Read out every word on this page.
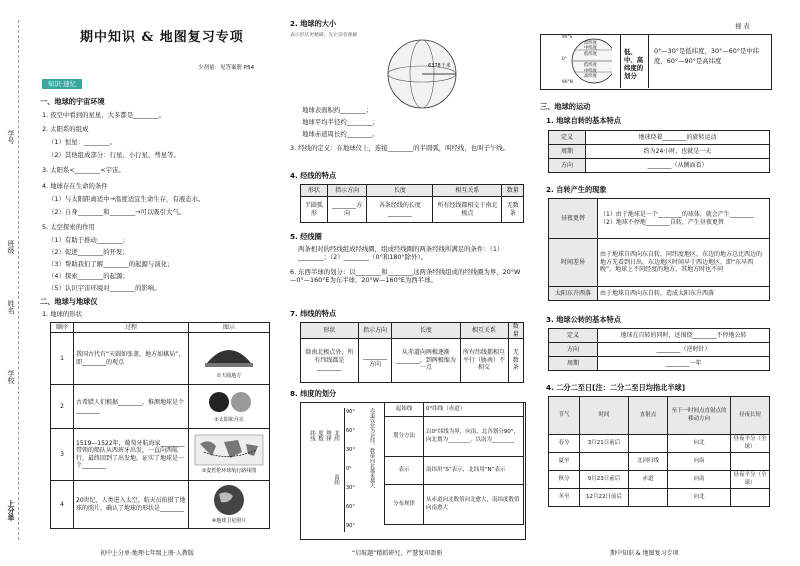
学号
班级
姓名
学校
上分单
期中知识 & 地图复习专项
少剂量：见答案册 P54
知识·速忆
一、地球的宇宙环境
1. 夜空中看到的星星，大多都是________。
2. 太阳系的组成
（1）恒星：________。
（2）其他组成部分：行星、小行星、彗星等。
3. 太阳系<________<宇宙。
4. 地球存在生命的条件
（1）与太阳距离适中→温度适宜生命生存，有液态水。
（2）自身________和________→可以吸引大气。
5. 太空探索的作用
（1）有助于推动________；
（2）促进________的开发；
（3）帮助我们了解________的起源与演化；
（4）探索________的起源；
（5）认识宇宙环境对________的影响。
二、地球与地球仪
1. 地球的形状
顺序	过程	图示
1	我国古代有“天圆如张盖，地方如棋局”，即________的观点	①天圆地方

2	古希腊人们根据________，推测地球是个________	②太阳和月亮

3	1519—1522年，葡萄牙航海家________带领的船队从西班牙出发，一直向西航行，最终回到了出发地，证实了地球是一个________	③麦哲伦环球航行路线图

4	20世纪，人类进入太空，航天员拍摄了地球的照片，确认了地球的形状是________	④地球卫星照片
初中上分单·地理七年级上册·人教版
2. 地球的大小
表示形状更精确，先让读者理解
6378千米
地球表面积约________；
地球平均半径约________；
地球赤道周长约________。
3. 经线的定义：在地球仪上，连接________的半圆弧，叫经线，也叫子午线。
4. 经线的特点
形状	指示方向	长度	相互关系	数量
半圆弧形	________方向	各条经线的长度________	所有经线都相交于南北极点	无数条
5. 经线圈
两条相对的经线组成经线圈，组成经线圈的两条经线所满足的条件：（1）________；（2）________（0°和180°除外）。
6. 东西半球的划分：以________和________这两条经线组成的经线圈为界，20°W—0°—160°E为东半球，20°W—160°E为西半球。
7. 纬线的特点
形状	指示方向	长度	相互关系	数量
除南北极点外，所有纬线都是________	________方向	从赤道向两极逐渐________，到两极缩为一点	所有纬线都相互平行（胁南）不相交	无数条
8. 纬度的划分
纬线 度数 规律 北纬
南纬
90°
60°
30°
0°
30°
60°
90°
赤道以北为北纬，数值向北越来越大	起始线	0°纬线（赤道）
划分方法	以0°纬线为界，向南、北各划分90°，向北划为________，以南为________
表示	南纬用“S”表示，北纬用“N”表示
分布规律	从赤道向北数值向北愈大，南纬度数值向南愈大
“启航题”精抓研究，严慧复印盈册
视 表
90°S
高纬度
中纬度
低纬度
0°
低纬度
中纬度
高纬度
90°N
低、中、高纬度的划分
0°—30°是低纬度，30°—60°是中纬度，60°—90°是高纬度
三、地球的运动
1. 地球自转的基本特点
定义	地球绕着________的旋转运动
周期	约为24小时，也就是一天
方向	________（从侧面看）
2. 自转产生的现象
昼夜更替	（1）由于地球是一个________的球体，就会产生________
（2）地球不停地________自转，产生昼夜更替
时间差异	由于地球自西向东自转，同纬度地区，东边的地方总比西边的地方先看到日出，东边地区时间早于西边地区，即“东早西晚”，地球上不同经度的地方，其地方时也不同
太阳东升西落	由于地球自西向东自转，造成太阳东升西落
3. 地球公转的基本特点
定义	地球在自转的同时，还围绕________不停地公转
方向	________（逆时针）
周期	________一年
4. 二分二至日[注：二分二至日均指北半球]
节气	时间	直射点	至下一时间点直射点的移动方向	昼夜长短
春分	3月21日前后		向北	昼夜平分（全球）
夏至		北回归线	向南	
秋分	9月23日前后	赤道	向南	昼夜平分（全球）
冬至	12月22日前后		向北	
期中知识 & 地图复习专项
